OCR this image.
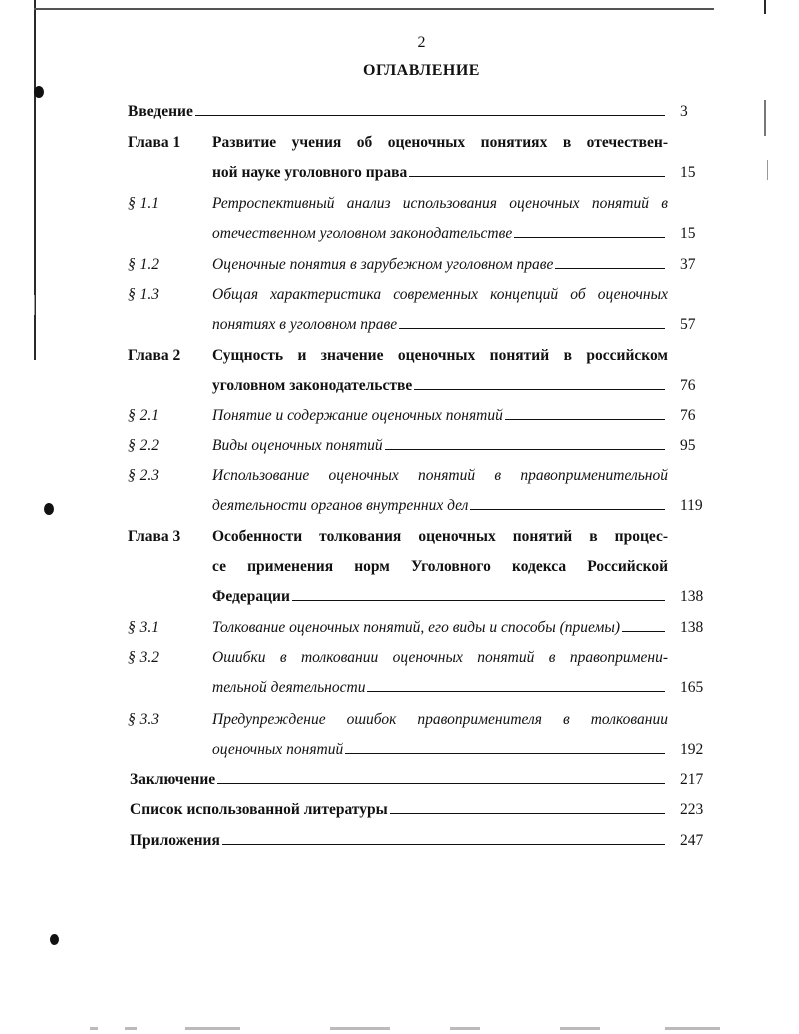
2
ОГЛАВЛЕНИЕ
Введение	3
Глава 1 Развитие учения об оценочных понятиях в отечествен-
ной науке уголовного права	15
§ 1.1	Ретроспективный анализ использования оценочных понятий в
отечественном уголовном законодательстве	15
§ 1.2	Оценочные понятия в зарубежном уголовном праве	37
§ 1.3	Общая характеристика современных концепций об оценочных
понятиях в уголовном праве	57
Глава 2 Сущность и значение оценочных понятий в российском
уголовном законодательстве	76
§ 2.1	Понятие и содержание оценочных понятий	76
§ 2.2	Виды оценочных понятий	95
§ 2.3	Использование оценочных понятий в правоприменительной
деятельности органов внутренних дел	119
Глава 3 Особенности толкования оценочных понятий в процес-
се применения норм Уголовного кодекса Российской
Федерации	138
§ 3.1	Толкование оценочных понятий, его виды и способы (приемы)	138
§ 3.2	Ошибки в толковании оценочных понятий в правопримени-
тельной деятельности	165
§ 3.3	Предупреждение ошибок правоприменителя в толковании
оценочных понятий	192
Заключение	217
Список использованной литературы	223
Приложения	247
